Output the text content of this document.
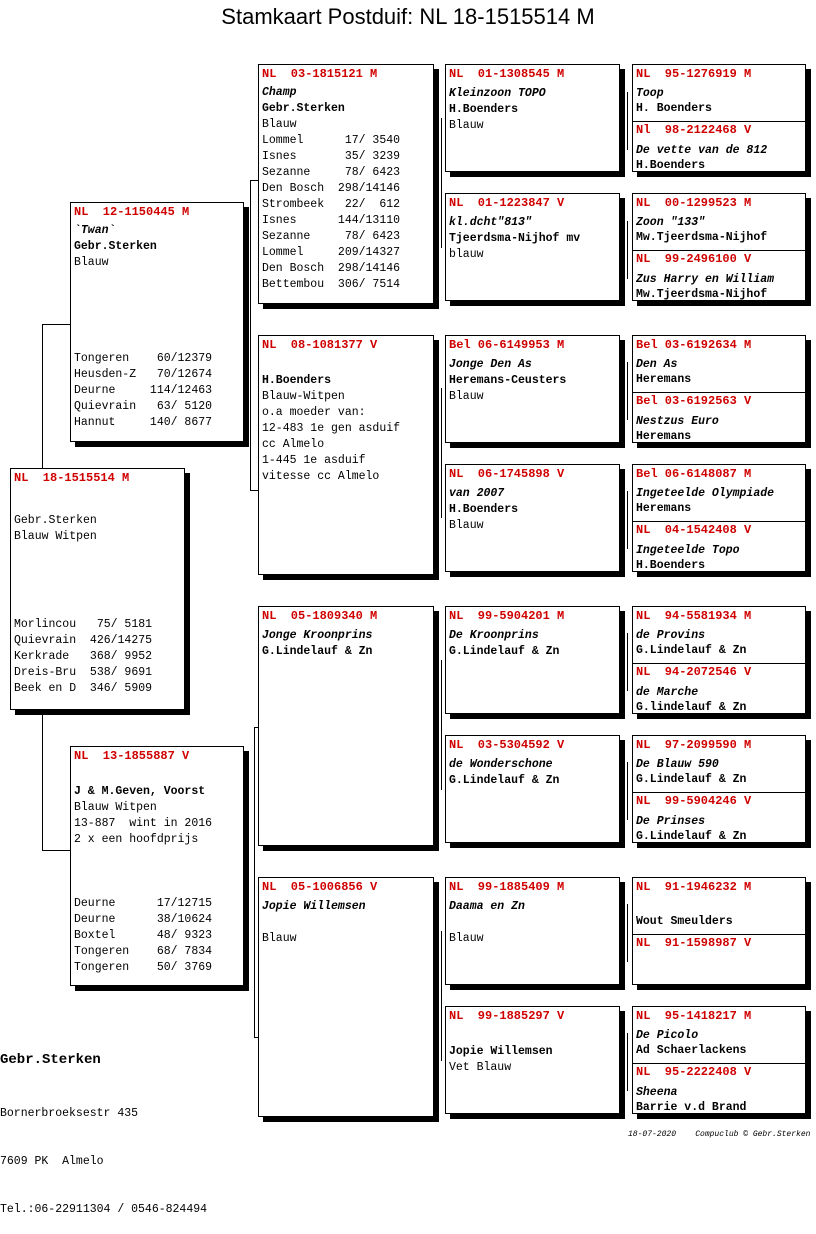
Stamkaart Postduif: NL 18-1515514 M
NL  18-1515514 M
Gebr.Sterken
Blauw Witpen
Morlincou   75/ 5181
Quievrain  426/14275
Kerkrade   368/ 9952
Dreis-Bru  538/ 9691
Beek en D  346/ 5909
NL  12-1150445 M
`Twan`
Gebr.Sterken
Blauw
Tongeren    60/12379
Heusden-Z   70/12674
Deurne     114/12463
Quievrain   63/ 5120
Hannut     140/ 8677
NL  13-1855887 V
J & M.Geven, Voorst
Blauw Witpen
13-887  wint in 2016
2 x een hoofdprijs
Deurne      17/12715
Deurne      38/10624
Boxtel      48/ 9323
Tongeren    68/ 7834
Tongeren    50/ 3769
NL  03-1815121 M
Champ
Gebr.Sterken
Blauw
Lommel      17/ 3540
Isnes       35/ 3239
Sezanne     78/ 6423
Den Bosch  298/14146
Strombeek   22/  612
Isnes      144/13110
Sezanne     78/ 6423
Lommel     209/14327
Den Bosch  298/14146
Bettembou  306/ 7514
NL  08-1081377 V
H.Boenders
Blauw-Witpen
o.a moeder van:
12-483 1e gen asduif
cc Almelo
1-445 1e asduif
vitesse cc Almelo
NL  05-1809340 M
Jonge Kroonprins
G.Lindelauf & Zn
NL  05-1006856 V
Jopie Willemsen
Blauw
NL  01-1308545 M
Kleinzoon TOPO
H.Boenders
Blauw
NL  01-1223847 V
kl.dcht"813"
Tjeerdsma-Nijhof mv
blauw
Bel 06-6149953 M
Jonge Den As
Heremans-Ceusters
Blauw
NL  06-1745898 V
van 2007
H.Boenders
Blauw
NL  99-5904201 M
De Kroonprins
G.Lindelauf & Zn
NL  03-5304592 V
de Wonderschone
G.Lindelauf & Zn
NL  99-1885409 M
Daama en Zn
Blauw
NL  99-1885297 V
Jopie Willemsen
Vet Blauw
NL  95-1276919 M
Toop
H. Boenders
Nl  98-2122468 V
De vette van de 812
H.Boenders
NL  00-1299523 M
Zoon "133"
Mw.Tjeerdsma-Nijhof
NL  99-2496100 V
Zus Harry en William
Mw.Tjeerdsma-Nijhof
Bel 03-6192634 M
Den As
Heremans
Bel 03-6192563 V
Nestzus Euro
Heremans
Bel 06-6148087 M
Ingeteelde Olympiade
Heremans
NL  04-1542408 V
Ingeteelde Topo
H.Boenders
NL  94-5581934 M
de Provins
G.Lindelauf & Zn
NL  94-2072546 V
de Marche
G.lindelauf & Zn
NL  97-2099590 M
De Blauw 590
G.Lindelauf & Zn
NL  99-5904246 V
De Prinses
G.Lindelauf & Zn
NL  91-1946232 M
Wout Smeulders
NL  91-1598987 V
NL  95-1418217 M
De Picolo
Ad Schaerlackens
NL  95-2222408 V
Sheena
Barrie v.d Brand

Gebr.Sterken

Bornerbroeksestr 435

7609 PK  Almelo

Tel.:06-22911304 / 0546-824494

18-07-2020 Compuclub © Gebr.Sterken
